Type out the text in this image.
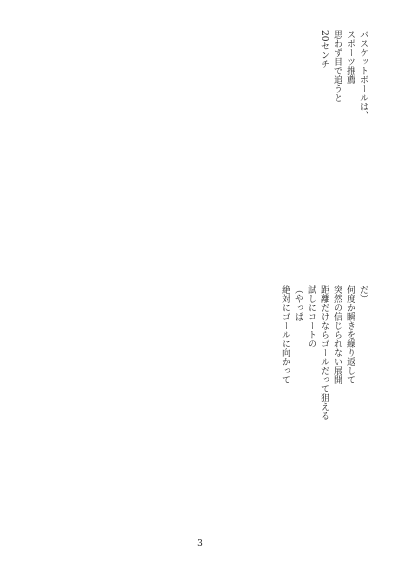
バスケットボールは、
スポーツ推薦
思わず目で追うと
20センチ
だ）
何度か瞬きを繰り返して
突然の信じられない展開
距離だけならゴールだって狙える
試しにコートの
（やっぱ
絶対にゴールに向かって
3
